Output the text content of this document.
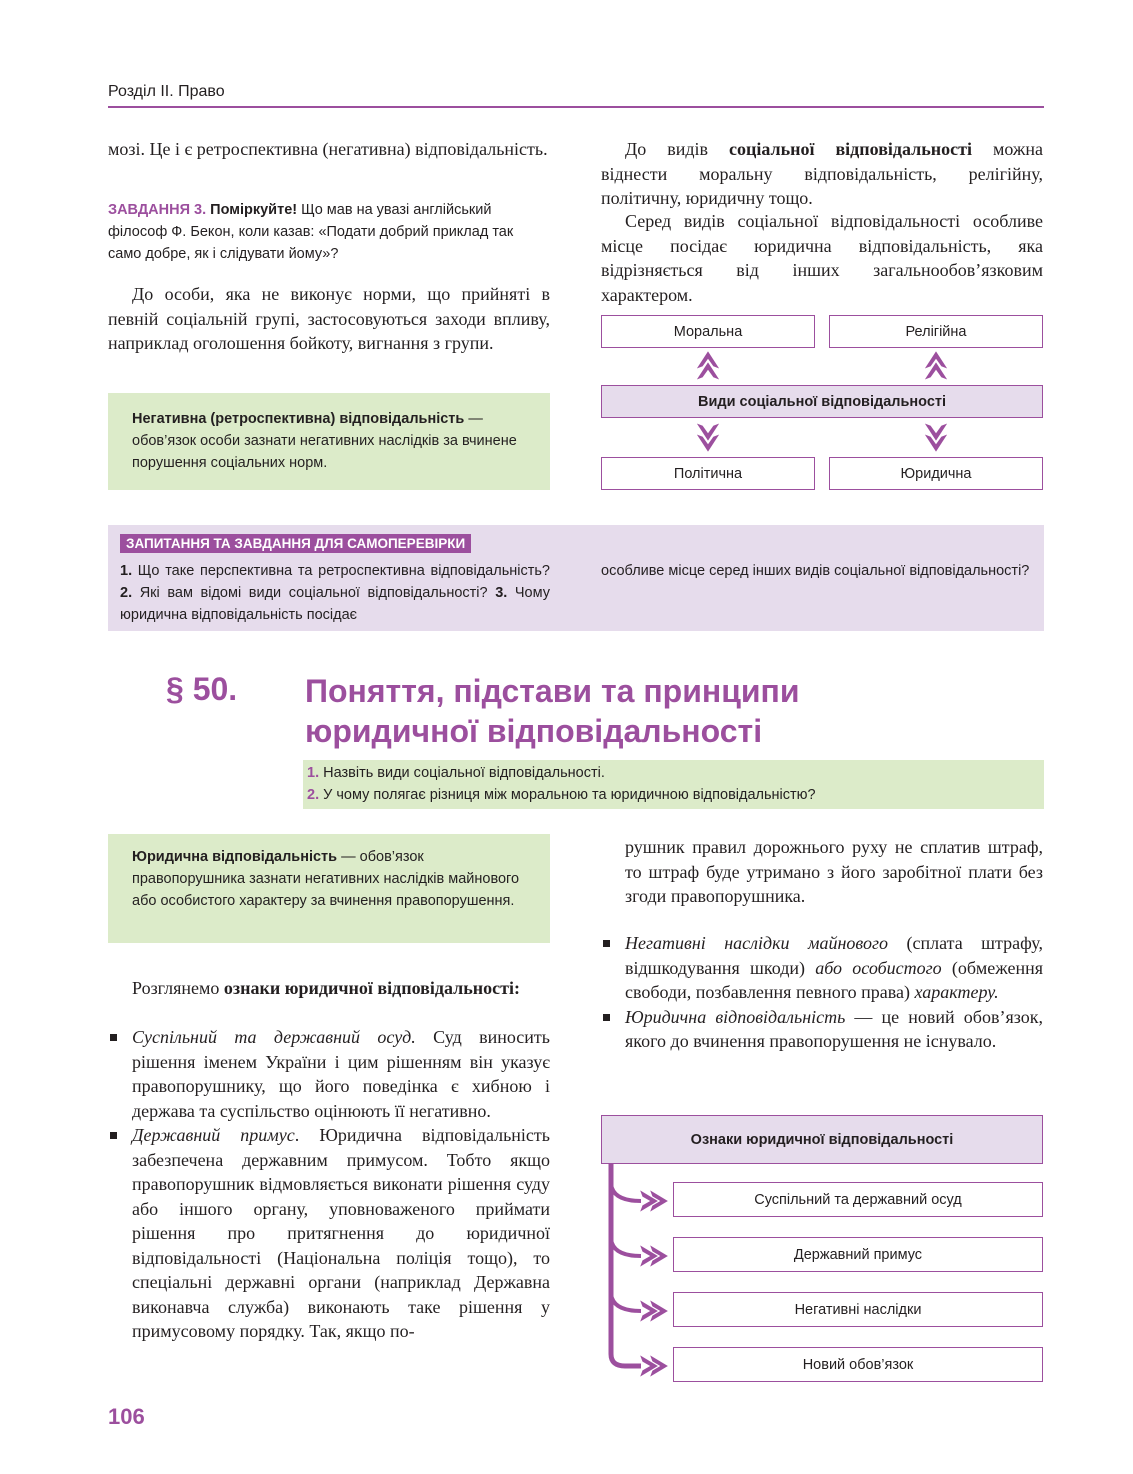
Розділ II. Право

мозі. Це і є ретроспективна (негативна) відповідальність.

ЗАВДАННЯ 3. Поміркуйте! Що мав на увазі англійський філософ Ф. Бекон, коли казав: «Подати добрий приклад так само добре, як і слідувати йому»?

До особи, яка не виконує норми, що прийняті в певній соціальній групі, застосовуються заходи впливу, наприклад оголошення бойкоту, вигнання з групи.

Негативна (ретроспективна) відповідальність — обов’язок особи зазнати негативних наслідків за вчинене порушення соціальних норм.

До видів соціальної відповідальності можна віднести моральну відповідальність, релігійну, політичну, юридичну тощо.

Серед видів соціальної відповідальності особливе місце посідає юридична відповідальність, яка відрізняється від інших загальнообов’язковим характером.

Моральна	Релігійна
Види соціальної відповідальності
Політична	Юридична
ЗАПИТАННЯ ТА ЗАВДАННЯ ДЛЯ САМОПЕРЕВІРКИ

1. Що таке перспективна та ретроспективна відповідальність? 2. Які вам відомі види соціальної відповідальності? 3. Чому юридична відповідальність посідає

особливе місце серед інших видів соціальної відповідальності?

§ 50. Поняття, підстави та принципи
юридичної відповідальності
1. Назвіть види соціальної відповідальності.
2. У чому полягає різниця між моральною та юридичною відповідальністю?

Юридична відповідальність — обов’язок правопорушника зазнати негативних наслідків майнового або особистого характеру за вчинення правопорушення.

Розглянемо ознаки юридичної відповідальності:

Суспільний та державний осуд. Суд виносить рішення іменем України і цим рішенням він указує правопорушнику, що його поведінка є хибною і держава та суспільство оцінюють її негативно.
Державний примус. Юридична відповідальність забезпечена державним примусом. Тобто якщо правопорушник відмовляється виконати рішення суду або іншого органу, уповноваженого приймати рішення про притягнення до юридичної відповідальності (Національна поліція тощо), то спеціальні державні органи (наприклад Державна виконавча служба) виконають таке рішення у примусовому порядку. Так, якщо по-

рушник правил дорожнього руху не сплатив штраф, то штраф буде утримано з його заробітної плати без згоди правопорушника.

Негативні наслідки майнового (сплата штрафу, відшкодування шкоди) або особистого (обмеження свободи, позбавлення певного права) характеру.
Юридична відповідальність — це новий обов’язок, якого до вчинення правопорушення не існувало.
Ознаки юридичної відповідальності
Суспільний та державний осуд
Державний примус
Негативні наслідки
Новий обов’язок
106
